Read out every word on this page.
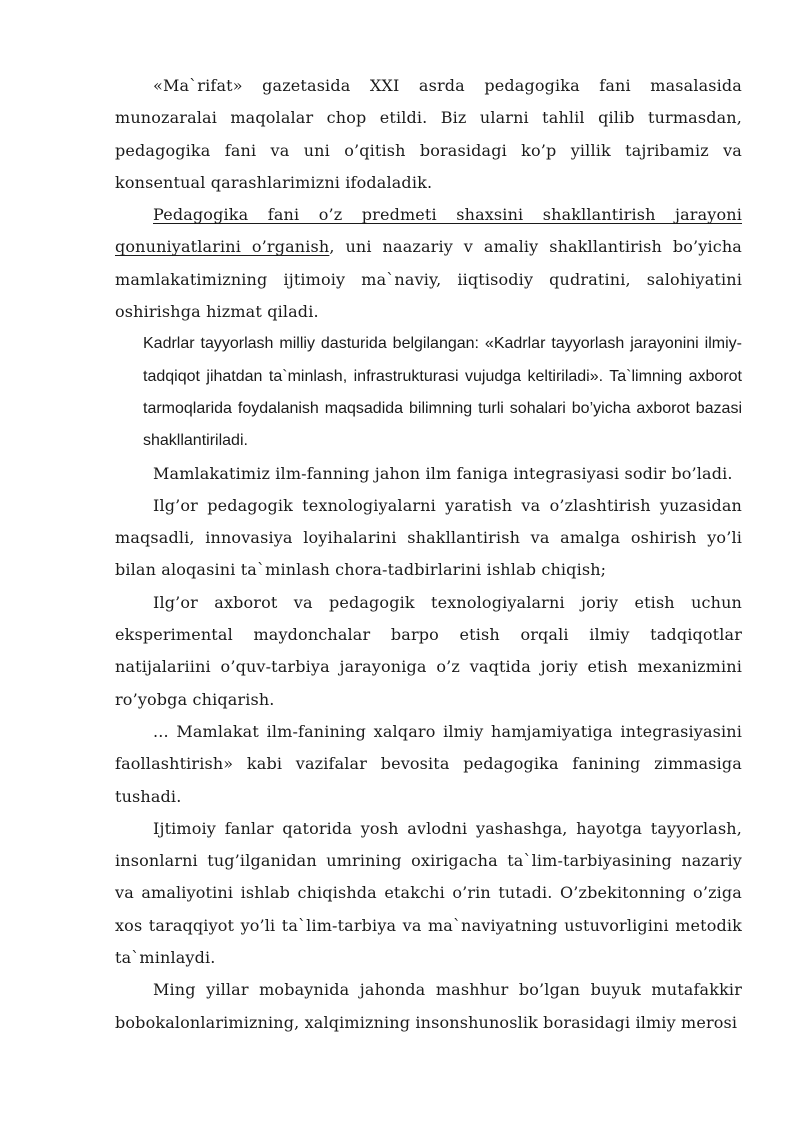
«Ma`rifat» gazetasida XXI asrda pedagogika fani masalasida munozaralai maqolalar chop etildi. Biz ularni tahlil qilib turmasdan, pedagogika fani va uni o’qitish borasidagi ko’p yillik tajribamiz va konsentual qarashlarimizni ifodaladik.

Pedagogika fani o’z predmeti shaxsini shakllantirish jarayoni qonuniyatlarini o’rganish, uni naazariy v amaliy shakllantirish bo’yicha mamlakatimizning ijtimoiy ma`naviy, iiqtisodiy qudratini, salohiyatini oshirishga hizmat qiladi.

Kadrlar tayyorlash milliy dasturida belgilangan: «Kadrlar tayyorlash jarayonini ilmiy-tadqiqot jihatdan ta`minlash, infrastrukturasi vujudga keltiriladi». Ta`limning axborot tarmoqlarida foydalanish maqsadida bilimning turli sohalari bo’yicha axborot bazasi shakllantiriladi.

Mamlakatimiz ilm-fanning jahon ilm faniga integrasiyasi sodir bo’ladi.

Ilg’or pedagogik texnologiyalarni yaratish va o’zlashtirish yuzasidan maqsadli, innovasiya loyihalarini shakllantirish va amalga oshirish yo’li bilan aloqasini ta`minlash chora-tadbirlarini ishlab chiqish;

Ilg’or axborot va pedagogik texnologiyalarni joriy etish uchun eksperimental maydonchalar barpo etish orqali ilmiy tadqiqotlar natijalariini o’quv-tarbiya jarayoniga o’z vaqtida joriy etish mexanizmini ro’yobga chiqarish.

... Mamlakat ilm-fanining xalqaro ilmiy hamjamiyatiga integrasiyasini faollashtirish» kabi vazifalar bevosita pedagogika fanining zimmasiga tushadi.

Ijtimoiy fanlar qatorida yosh avlodni yashashga, hayotga tayyorlash, insonlarni tug’ilganidan umrining oxirigacha ta`lim-tarbiyasining nazariy va amaliyotini ishlab chiqishda etakchi o’rin tutadi. O’zbekitonning o’ziga xos taraqqiyot yo’li ta`lim-tarbiya va ma`naviyatning ustuvorligini metodik ta`minlaydi.

Ming yillar mobaynida jahonda mashhur bo’lgan buyuk mutafakkir bobokalonlarimizning, xalqimizning insonshunoslik borasidagi ilmiy merosi
